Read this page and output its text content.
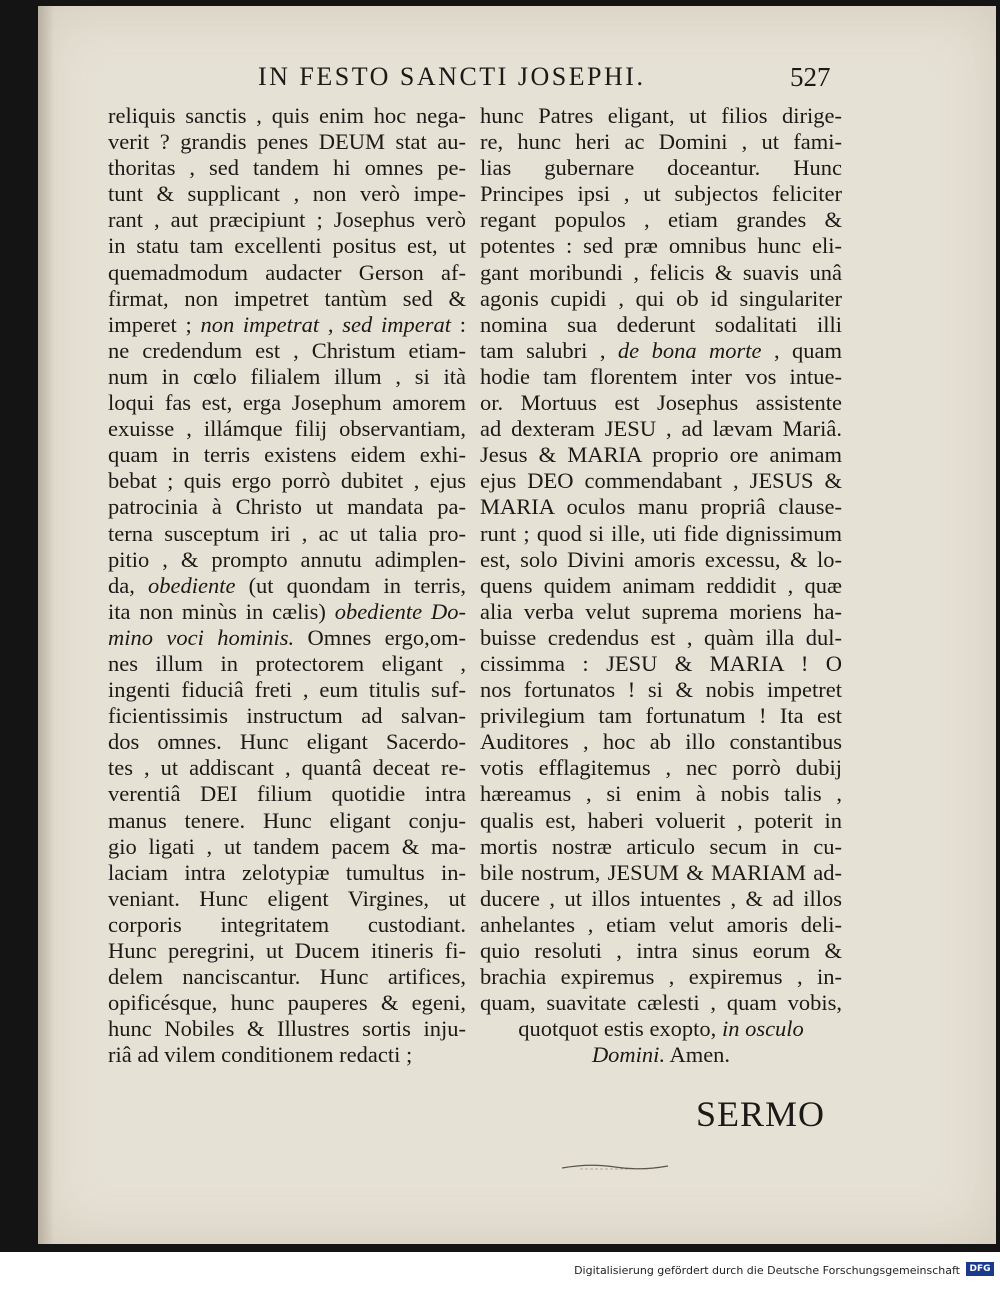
IN FESTO SANCTI JOSEPHI.	527
reliquis sanctis , quis enim hoc nega-
verit ? grandis penes DEUM stat au-
thoritas , sed tandem hi omnes pe-
tunt & supplicant , non verò impe-
rant , aut præcipiunt ; Josephus verò
in statu tam excellenti positus est, ut
quemadmodum audacter Gerson af-
firmat, non impetret tantùm sed &
imperet ; non impetrat , sed imperat :
ne credendum est , Christum etiam-
num in cœlo filialem illum , si ità
loqui fas est, erga Josephum amorem
exuisse , illámque filij observantiam,
quam in terris existens eidem exhi-
bebat ; quis ergo porrò dubitet , ejus
patrocinia à Christo ut mandata pa-
terna susceptum iri , ac ut talia pro-
pitio , & prompto annutu adimplen-
da, obediente (ut quondam in terris,
ita non minùs in cælis) obediente Do-
mino voci hominis. Omnes ergo,om-
nes illum in protectorem eligant ,
ingenti fiduciâ freti , eum titulis suf-
ficientissimis instructum ad salvan-
dos omnes. Hunc eligant Sacerdo-
tes , ut addiscant , quantâ deceat re-
verentiâ DEI filium quotidie intra
manus tenere. Hunc eligant conju-
gio ligati , ut tandem pacem & ma-
laciam intra zelotypiæ tumultus in-
veniant. Hunc eligent Virgines, ut
corporis integritatem custodiant.
Hunc peregrini, ut Ducem itineris fi-
delem nanciscantur. Hunc artifices,
opificésque, hunc pauperes & egeni,
hunc Nobiles & Illustres sortis inju-
riâ ad vilem conditionem redacti ;
hunc Patres eligant, ut filios dirige-
re, hunc heri ac Domini , ut fami-
lias gubernare doceantur. Hunc
Principes ipsi , ut subjectos feliciter
regant populos , etiam grandes &
potentes : sed præ omnibus hunc eli-
gant moribundi , felicis & suavis unâ
agonis cupidi , qui ob id singulariter
nomina sua dederunt sodalitati illi
tam salubri , de bona morte , quam
hodie tam florentem inter vos intue-
or. Mortuus est Josephus assistente
ad dexteram JESU , ad lævam Mariâ.
Jesus & MARIA proprio ore animam
ejus DEO commendabant , JESUS &
MARIA oculos manu propriâ clause-
runt ; quod si ille, uti fide dignissimum
est, solo Divini amoris excessu, & lo-
quens quidem animam reddidit , quæ
alia verba velut suprema moriens ha-
buisse credendus est , quàm illa dul-
cissimma : JESU & MARIA ! O
nos fortunatos ! si & nobis impetret
privilegium tam fortunatum ! Ita est
Auditores , hoc ab illo constantibus
votis efflagitemus , nec porrò dubij
hæreamus , si enim à nobis talis ,
qualis est, haberi voluerit , poterit in
mortis nostræ articulo secum in cu-
bile nostrum, JESUM & MARIAM ad-
ducere , ut illos intuentes , & ad illos
anhelantes , etiam velut amoris deli-
quio resoluti , intra sinus eorum &
brachia expiremus , expiremus , in-
quam, suavitate cælesti , quam vobis,
quotquot estis exopto, in osculo
Domini. Amen.
SERMO
Digitalisierung gefördert durch die Deutsche Forschungsgemeinschaft	DFG
